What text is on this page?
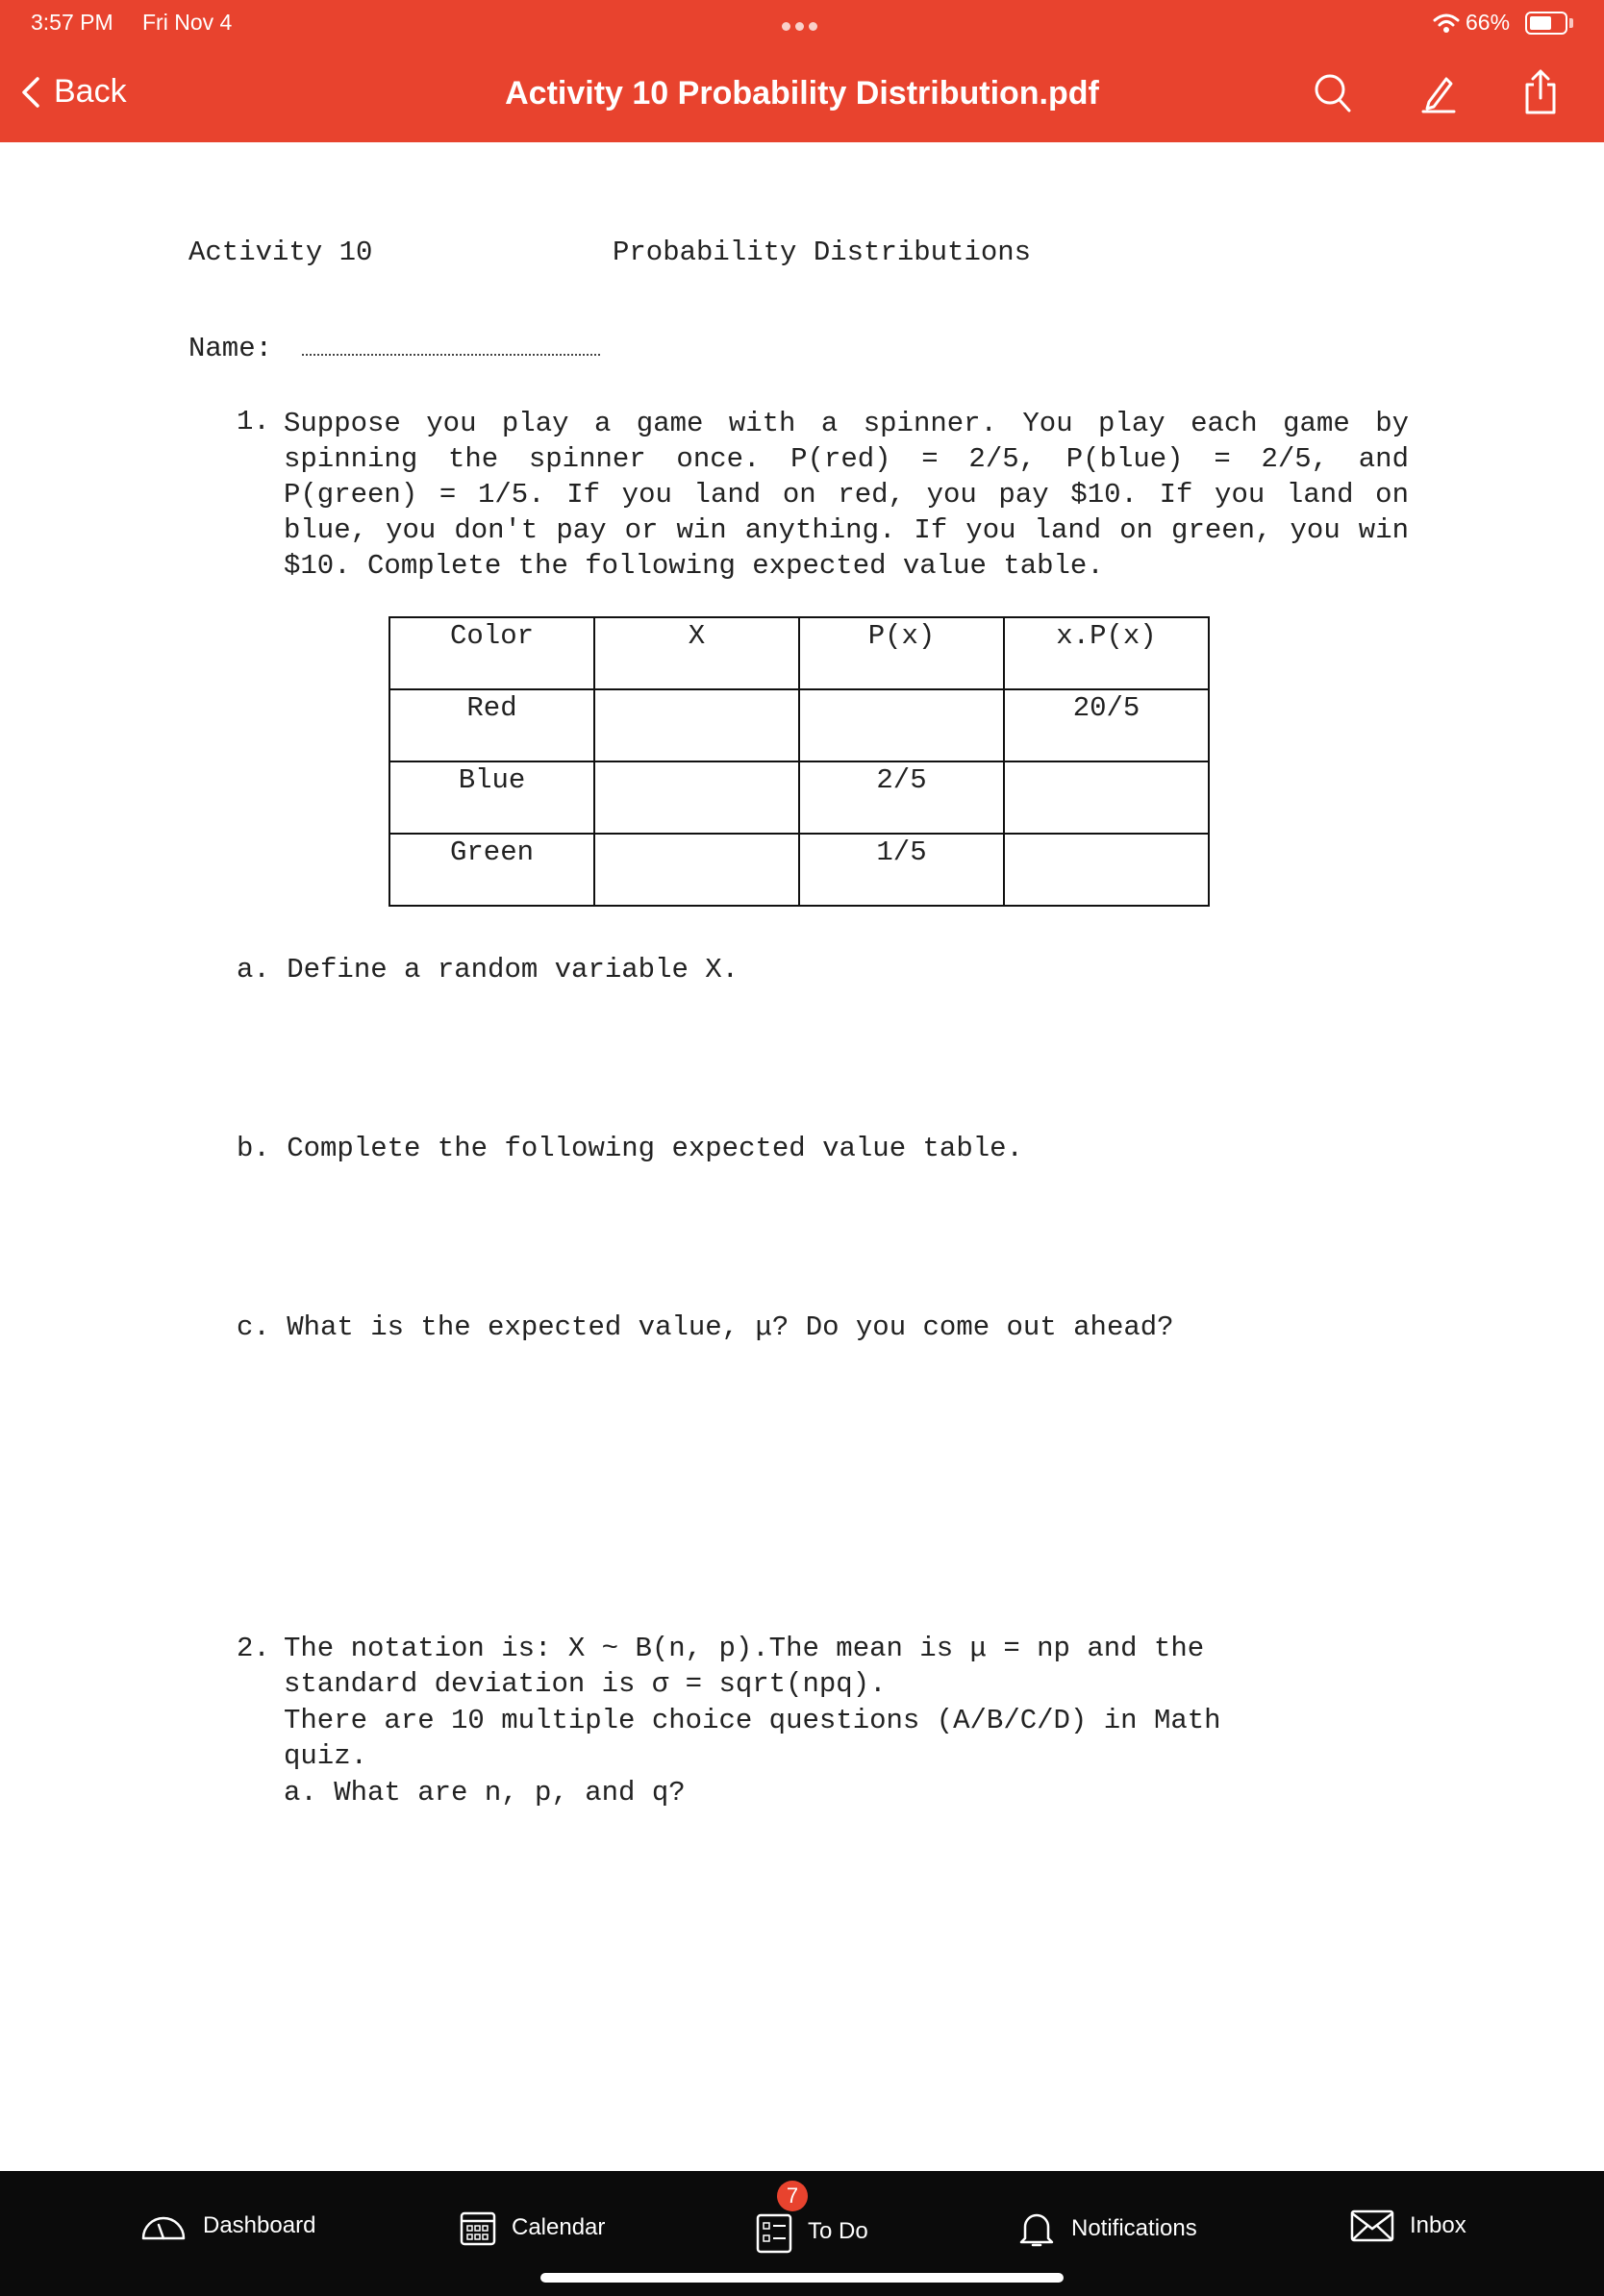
3:57 PM Fri Nov 4	66%
Activity 10 Probability Distribution.pdf
Back
Activity 10	Probability Distributions
Name:
1. Suppose you play a game with a spinner. You play each game by spinning the spinner once. P(red) = 2/5, P(blue) = 2/5, and P(green) = 1/5. If you land on red, you pay $10. If you land on blue, you don't pay or win anything. If you land on green, you win $10. Complete the following expected value table.
Color	X	P(x)	x.P(x)

Red			20/5

Blue		2/5	

Green		1/5	

a. Define a random variable X.
b. Complete the following expected value table.
c. What is the expected value, μ? Do you come out ahead?
2. The notation is: X ~ B(n, p).The mean is μ = np and the
standard deviation is σ = sqrt(npq).
There are 10 multiple choice questions (A/B/C/D) in Math
quiz.
a. What are n, p, and q?
Dashboard	Calendar	To Do	Notifications	Inbox
7
